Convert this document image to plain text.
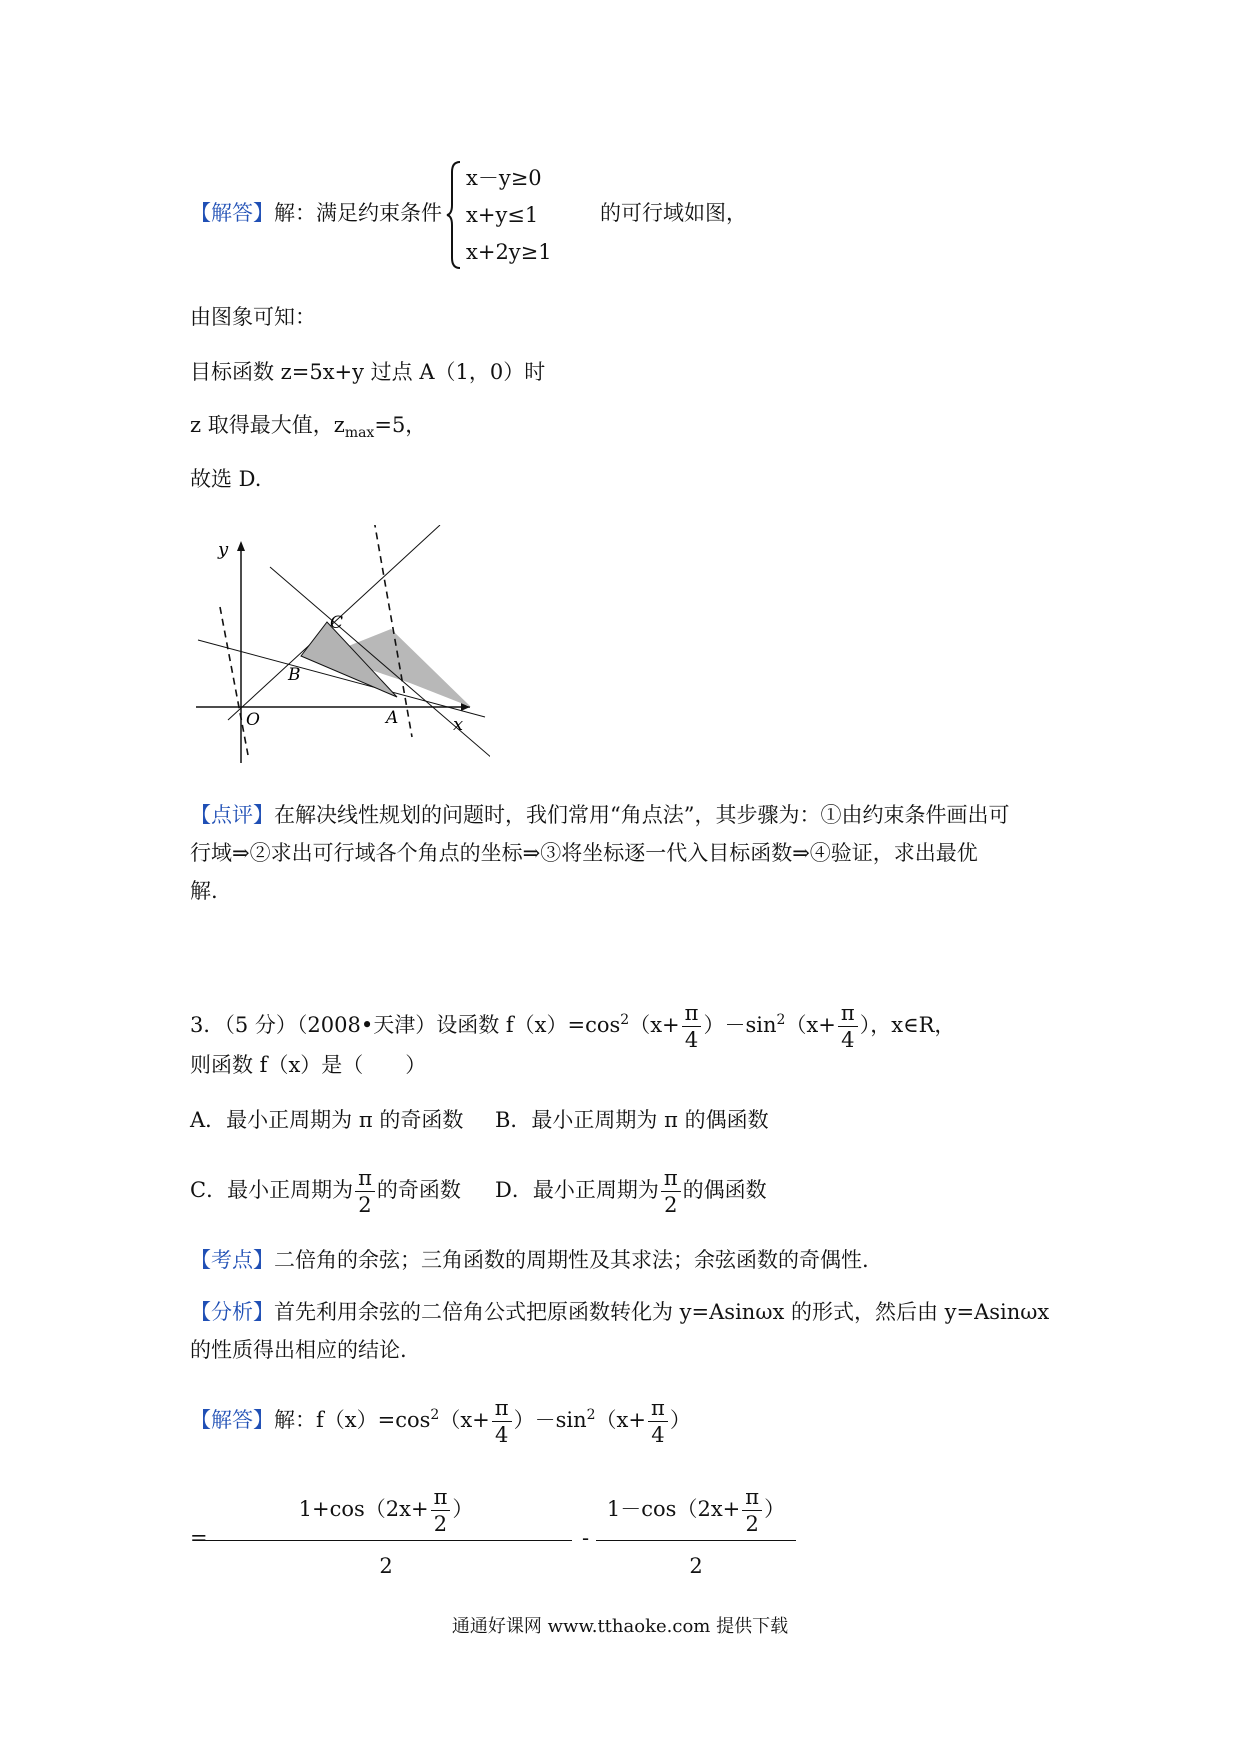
【解答】解：满足约束条件
x－y≥0
x+y≤1
x+2y≥1
的可行域如图，
由图象可知：
目标函数 z=5x+y 过点 A（1，0）时
z 取得最大值，$z_{max}=5$，
故选 D.
y
x
O	A
B
C
【点评】在解决线性规划的问题时，我们常用“角点法”，其步骤为：①由约束条件画出可
行域⇒②求出可行域各个角点的坐标⇒③将坐标逐一代入目标函数⇒④验证，求出最优
解.
3．（5 分）（2008•天津）设函数 $f(x)=\cos^2(x+ \frac{\pi}{4} )-\sin^2(x+ \frac{\pi}{4}$ ），x∈R，
则函数 f（x）是（　　）
A．最小正周期为 π 的奇函数 B．最小正周期为 π 的偶函数
C．最小正周期为 $\frac{\pi}{2}$ 的奇函数 D．最小正周期为 $\frac{\pi}{2}$ 的偶函数
【考点】二倍角的余弦；三角函数的周期性及其求法；余弦函数的奇偶性.
【分析】首先利用余弦的二倍角公式把原函数转化为 y=Asinωx 的形式，然后由 y=Asinωx
的性质得出相应的结论.
【解答】解：$f(x)=\cos^2(x+ \frac{\pi}{4} )-\sin^2(x+ \frac{\pi}{4}$ ）
=
$\frac{1+\cos(2x+ \frac{\pi}{2} )}{2} - \frac{1-\cos(2x+ \frac{\pi}{2} )}{2}$
通通好课网 www.tthaoke.com 提供下载
